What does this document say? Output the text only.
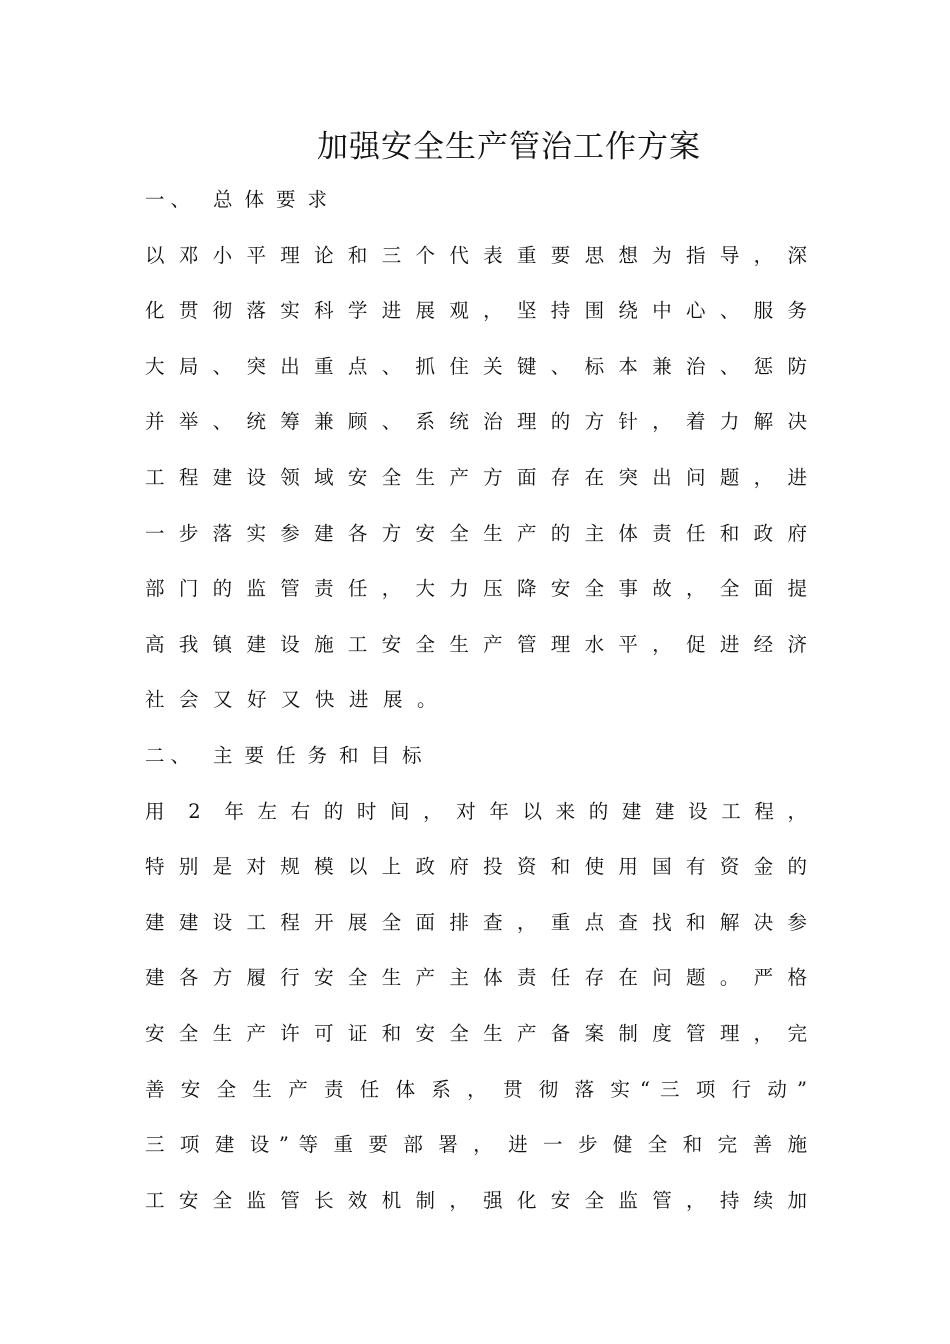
加强安全生产管治工作方案
一、 总体要求
以 邓 小 平 理 论 和 三 个 代 表 重 要 思 想 为 指 导 ， 深
化 贯 彻 落 实 科 学 进 展 观 ， 坚 持 围 绕 中 心 、 服 务
大 局 、 突 出 重 点 、 抓 住 关 键 、 标 本 兼 治 、 惩 防
并 举 、 统 筹 兼 顾 、 系 统 治 理 的 方 针 ， 着 力 解 决
工 程 建 设 领 域 安 全 生 产 方 面 存 在 突 出 问 题 ， 进
一 步 落 实 参 建 各 方 安 全 生 产 的 主 体 责 任 和 政 府
部 门 的 监 管 责 任 ， 大 力 压 降 安 全 事 故 ， 全 面 提
高 我 镇 建 设 施 工 安 全 生 产 管 理 水 平 ， 促 进 经 济
社会又好又快进展。
二、 主要任务和目标
用   2   年 左 右 的 时 间 ， 对 年 以 来 的 建 建 设 工 程 ，
特 别 是 对 规 模 以 上 政 府 投 资 和 使 用 国 有 资 金 的
建 建 设 工 程 开 展 全 面 排 查 ， 重 点 查 找 和 解 决 参
建 各 方 履 行 安 全 生 产 主 体 责 任 存 在 问 题 。 严 格
安 全 生 产 许 可 证 和 安 全 生 产 备 案 制 度 管 理 ， 完
善 安 全 生 产 责 任 体 系 ， 贯 彻 落 实 “ 三 项 行 动 ”
三 项 建 设 ” 等 重 要 部 署 ， 进 一 步 健 全 和 完 善 施
工 安 全 监 管 长 效 机 制 ， 强 化 安 全 监 管 ， 持 续 加
